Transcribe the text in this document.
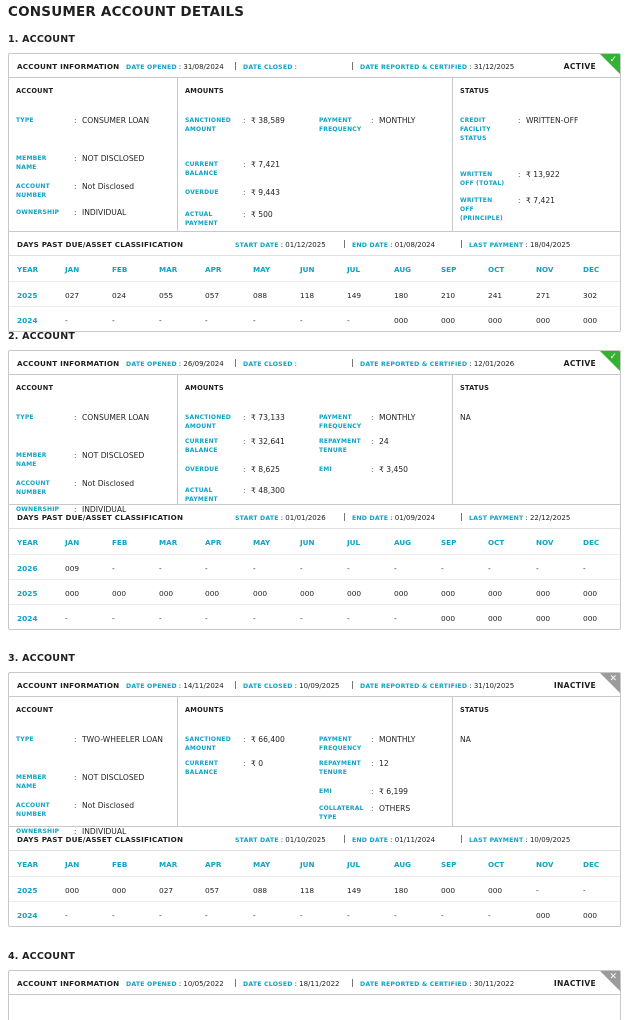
CONSUMER ACCOUNT DETAILS
1. ACCOUNT
ACCOUNT INFORMATION DATE OPENED : 31/08/2024 | DATE CLOSED :	| DATE REPORTED & CERTIFIED : 31/12/2025	ACTIVE
✓
ACCOUNT
TYPE	: CONSUMER LOAN
MEMBER NAME
: NOT DISCLOSED
ACCOUNT NUMBER
: Not Disclosed
OWNERSHIP	: INDIVIDUAL
AMOUNTS
SANCTIONED AMOUNT
: ₹ 38,589
CURRENT BALANCE
: ₹ 7,421
OVERDUE	: ₹ 9,443
ACTUAL PAYMENT
: ₹ 500
PAYMENT FREQUENCY
: MONTHLY
STATUS
CREDIT FACILITY STATUS
: WRITTEN-OFF
WRITTEN OFF (TOTAL)
: ₹ 13,922
WRITTEN OFF (PRINCIPLE)
: ₹ 7,421
DAYS PAST DUE/ASSET CLASSIFICATION	START DATE : 01/12/2025 | END DATE : 01/08/2024	| LAST PAYMENT : 18/04/2025
YEAR	JAN	FEB	MAR	APR	MAY	JUN	JUL	AUG	SEP	OCT	NOV	DEC
2025	027	024	055	057	088	118	149	180	210	241	271	302
2024	-	-	-	-	-	-	-	000	000	000	000	000
2. ACCOUNT
ACCOUNT INFORMATION DATE OPENED : 26/09/2024 | DATE CLOSED :	| DATE REPORTED & CERTIFIED : 12/01/2026	ACTIVE
✓
ACCOUNT
TYPE	: CONSUMER LOAN
MEMBER NAME
: NOT DISCLOSED
ACCOUNT NUMBER
: Not Disclosed
OWNERSHIP	: INDIVIDUAL
AMOUNTS
SANCTIONED AMOUNT
: ₹ 73,133
CURRENT BALANCE
: ₹ 32,641
OVERDUE	: ₹ 8,625
ACTUAL PAYMENT
: ₹ 48,300
PAYMENT FREQUENCY
: MONTHLY
REPAYMENT TENURE
: 24
EMI	: ₹ 3,450
STATUS
NA
DAYS PAST DUE/ASSET CLASSIFICATION	START DATE : 01/01/2026 | END DATE : 01/09/2024	| LAST PAYMENT : 22/12/2025
YEAR	JAN	FEB	MAR	APR	MAY	JUN	JUL	AUG	SEP	OCT	NOV	DEC
2026	009	-	-	-	-	-	-	-	-	-	-	-
2025	000	000	000	000	000	000	000	000	000	000	000	000
2024	-	-	-	-	-	-	-	-	000	000	000	000
3. ACCOUNT
ACCOUNT INFORMATION DATE OPENED : 14/11/2024 | DATE CLOSED : 10/09/2025 | DATE REPORTED & CERTIFIED : 31/10/2025	INACTIVE
✕
ACCOUNT
TYPE	: TWO-WHEELER LOAN
MEMBER NAME
: NOT DISCLOSED
ACCOUNT NUMBER
: Not Disclosed
OWNERSHIP	: INDIVIDUAL
AMOUNTS
SANCTIONED AMOUNT
: ₹ 66,400
CURRENT BALANCE
: ₹ 0
PAYMENT FREQUENCY
: MONTHLY
REPAYMENT TENURE
: 12
EMI	: ₹ 6,199
COLLATERAL TYPE
: OTHERS
STATUS
NA
DAYS PAST DUE/ASSET CLASSIFICATION	START DATE : 01/10/2025 | END DATE : 01/11/2024	| LAST PAYMENT : 10/09/2025
YEAR	JAN	FEB	MAR	APR	MAY	JUN	JUL	AUG	SEP	OCT	NOV	DEC
2025	000	000	027	057	088	118	149	180	000	000	-	-
2024	-	-	-	-	-	-	-	-	-	-	000	000
4. ACCOUNT
ACCOUNT INFORMATION DATE OPENED : 10/05/2022 | DATE CLOSED : 18/11/2022 | DATE REPORTED & CERTIFIED : 30/11/2022	INACTIVE
✕
